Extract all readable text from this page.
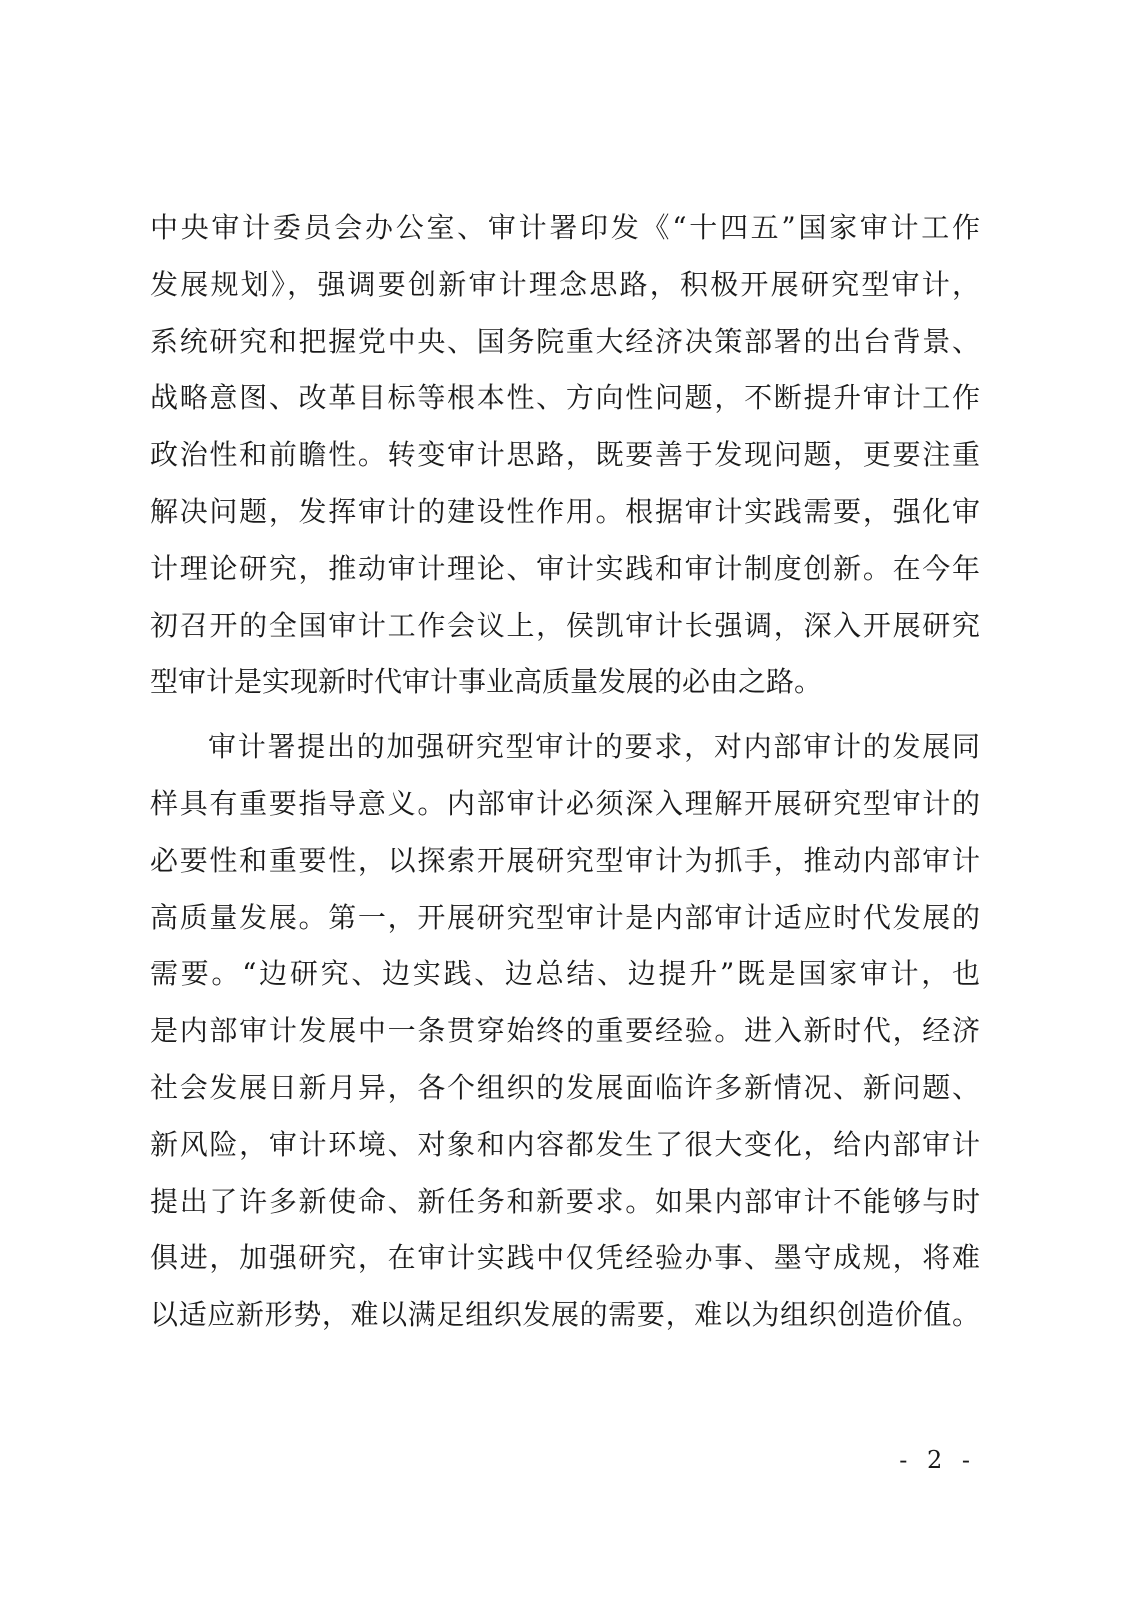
中央审计委员会办公室、审计署印发《“十四五”国家审计工作
发展规划》，强调要创新审计理念思路，积极开展研究型审计，
系统研究和把握党中央、国务院重大经济决策部署的出台背景、
战略意图、改革目标等根本性、方向性问题，不断提升审计工作
政治性和前瞻性。转变审计思路，既要善于发现问题，更要注重
解决问题，发挥审计的建设性作用。根据审计实践需要，强化审
计理论研究，推动审计理论、审计实践和审计制度创新。在今年
初召开的全国审计工作会议上，侯凯审计长强调，深入开展研究
型审计是实现新时代审计事业高质量发展的必由之路。
审计署提出的加强研究型审计的要求，对内部审计的发展同
样具有重要指导意义。内部审计必须深入理解开展研究型审计的
必要性和重要性，以探索开展研究型审计为抓手，推动内部审计
高质量发展。第一，开展研究型审计是内部审计适应时代发展的
需要。“边研究、边实践、边总结、边提升”既是国家审计，也
是内部审计发展中一条贯穿始终的重要经验。进入新时代，经济
社会发展日新月异，各个组织的发展面临许多新情况、新问题、
新风险，审计环境、对象和内容都发生了很大变化，给内部审计
提出了许多新使命、新任务和新要求。如果内部审计不能够与时
俱进，加强研究，在审计实践中仅凭经验办事、墨守成规，将难
以适应新形势，难以满足组织发展的需要，难以为组织创造价值。
- 2 -
